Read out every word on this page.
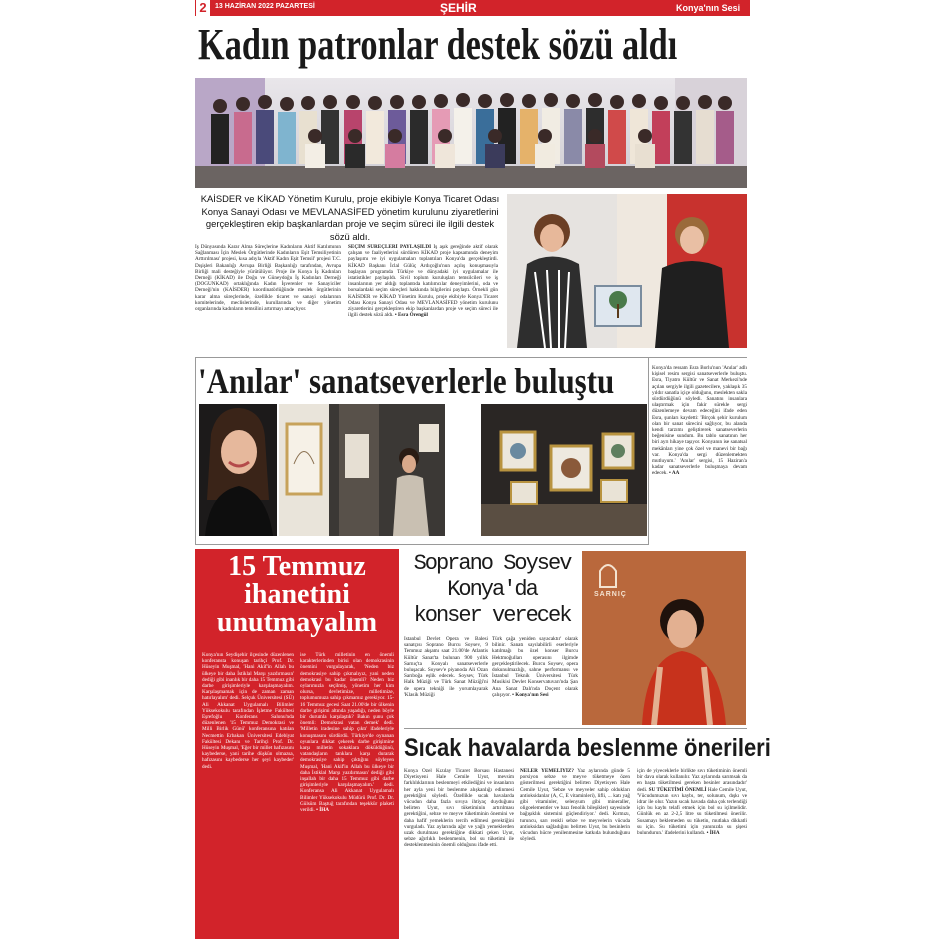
2	13 HAZİRAN 2022 PAZARTESİ	ŞEHİR	Konya'nın Sesi
Kadın patronlar destek sözü aldı
KAİSDER ve KİKAD Yönetim Kurulu, proje ekibiyle Konya Ticaret Odası Konya Sanayi Odası ve MEVLANASİFED yönetim kurulunu ziyaretlerini gerçekleştiren ekip başkanlardan proje ve seçim süreci ile ilgili destek sözü aldı.
İş Dünyasında Karar Alma Süreçlerine Kadınların Aktif Katılımının Sağlanması İçin Meslek Örgütlerinde Kadınların Eşit Temsiliyetinin Arttırılması' projesi, kısa adıyla 'Aktif Kadın Eşit Temsil' projesi T.C. Dışişleri Bakanlığı Avrupa Birliği Başkanlığı tarafından, Avrupa Birliği mali desteğiyle yürütülüyor. Proje ile Konya İş Kadınları Derneği (KİKAD) ile Doğu ve Güneydoğu İş Kadınları Derneği (DOGUNKAD) ortaklığında Kadın İşverenler ve Sanayiciler Derneği'nin (KAİSDER) koordinatörlüğünde meslek örgütlerinin karar alma süreçlerinde, özellikle ticaret ve sanayi odalarının komitelerinde, meclislerinde, kurullarında ve diğer yönetim organlarında kadınların temsilini artırmayı amaçlıyor.
SEÇİM SÜREÇLERİ PAYLAŞILDI İş aşık gereğinde aktif olarak çalışan ve faaliyetlerini sürdüren KİKAD proje kapsamında deneyim paylaşımı ve iyi uygulamaları toplantıları Konya'da gerçekleştirdi. KİKAD Başkanı İclal Gülüç Ardıçoğlu'nun açılış konuşmasıyla başlayan programda Türkiye ve dünyadaki iyi uygulamalar ile istatistikler paylaşıldı. Sivil toplum kuruluşları temsilcileri ve iş insanlarının yer aldığı toplantıda katılımcılar deneyimlerini, oda ve borsalardaki seçim süreçleri hakkında bilgilerini paylaştı. Örnekli gün KAİSDER ve KİKAD Yönetim Kurulu, proje ekibiyle Konya Ticaret Odası Konya Sanayi Odası ve MEVLANASİFED yönetim kurulunu ziyaretlerini gerçekleştiren ekip başkanlardan proje ve seçim süreci ile ilgili destek sözü aldı. • Esra Örengül
'Anılar' sanatseverlerle buluştu	Konya'da ressam Esra Borlu'nun 'Anılar' adlı kişisel resim sergisi sanatseverlerle buluştu. Esra, Tiyatro Kültür ve Sanat Merkezi'nde açılan sergiyle ilgili gazetecilere, yaklaşık 35 yıldır sanatla içiçe olduğunu, meslekten sakla sürdürdüğünü söyledi. Sanatını insanlara ulaştırmak için fakir sürekle sergi düzenlemeye devam edeceğini ifade eden Esra, şunları kaydetti: 'Birçok şehir kurulum olan bir sanat sürecini sağlıyor, bu alanda kendi tarzımı geliştirerek sanatseverlerin beğenisine sundum. Bu tablo sanatının her biri ayrı hikaye taşıyor. Konyanın ise sanatsal mekânları yine çok özel ve manevi bir bağı var. Konya'da sergi düzenlemekten mutluyum.' 'Anılar' sergisi, 15 Haziran'a kadar sanatseverlerle buluşmaya devam edecek. • AA
15 Temmuz ihanetini unutmayalım
Konya'nın Seydişehir ilçesinde düzenlenen konferansta konuşan tarihçi Prof. Dr. Hüseyin Muşmal, 'Hani Akif'in Allah bu ülkeye bir daha İstiklal Marşı yazdırmasın' dediği gibi inanlık bir daha 15 Temmuz gibi darbe girişimleriyle karşılaşmayalım. Karşılaşmamak için de zaman zaman hatırlayalım' dedi. Selçuk Üniversitesi (SÜ) Ali Akkanat Uygulamalı Bilimler Yüksekokulu tarafından İşletme Fakültesi Eşrefoğlu Konferans Salonu'nda düzenlenen '15 Temmuz Demokrasi ve Milli Birlik Günü' konferansına katılan Necmettin Erbakan Üniversitesi Edebiyat Fakültesi Dekanı ve Tarihçi Prof. Dr. Hüseyin Muşmal, 'Eğer bir millet hafızasını kaybederse, yani tarihe düşkün olmazsa, hafızasını kaybederse her şeyi kaybeder' dedi.
ise Türk milletinin en önemli karakterlerinden birisi olan demokrasinin önemini vurgulayarak, 'Neden biz demokrasiye sahip çıkmalıyız, yani neden demokrasi bu kadar önemli? Neden biz oylarımızla seçilmiş, yönetim her kim olursa, devletimize, milletimize, toplumumuza sahip çıkmamız gerekiyor. 15-16 Temmuz gecesi Saat 21.00'de bir ülkenin darbe girişimi altında yaşadığı, neden böyle bir durumla karşılaştık? Bakın şunu çok önemli: Demokrasi vatan demek' dedi. 'Milletin iradesine sahip çıktı' ifadeleriyle konuşmasını sürdürdü. Türkiye'de oynanan oyunlara dikkat çekerek darbe girişimine karşı milletin sokaklara döküldüğünü, vatandaşların tanklara karşı durarak demokrasiye sahip çıktığını söyleyen Muşmal, 'Hani Akif'in Allah bu ülkeye bir daha İstiklal Marşı yazdırmasın' dediği gibi inşallah bir daha 15 Temmuz gibi darbe girişimleriyle karşılaşmayalım.' dedi. Konferansa Ali Akkanat Uygulamalı Bilimler Yüksekokulu Müdürü Prof. Dr. Dr. Gülsüm Baştuğ tarafından teşekkür plaketi verildi. • İHA
Soprano Soysev
Konya'da
konser verecek
İstanbul Devlet Opera ve Balesi sanatçısı Soprano Burcu Soysev, 9 Temmuz akşamı saat 21.00'de Atlantis Kültür Sanat'ta bulunan 900 yıllık Sarnıç'ta Konyalı sanatseverlerle buluşacak. Soysev'e piyanoda Ali Ozan Sarıboğa eşlik edecek. Soysev, Türk Halk Müziği ve Türk Sanat Müziği'ni de opera tekniği ile yorumlayarak 'Klasik Müziği
Türk çağa yeniden sayacaktır' olarak bilinir. Sanatı sayılabilirli eserleriyle katılmağı bu özel konser Burcu Hektmoğulları operasını ilgimde gerçekleştirilecek. Burcu Soysev, opera dokunulmazlığı, sahne performansı ve İstanbul Teknik Üniversitesi Türk Musikisi Devlet Konservatuvarı'nda Şan Ana Sanat Dalı'nda Doçent olarak çalışıyor. • Konya'nın Sesi
SARNIÇ
Sıcak havalarda beslenme önerileri
Konya Özel Kızılay Ticaret Borsası Hastanesi Diyetisyeni Hale Cemile Uyut, mevsim farklılıklarının beslenmeyi etkilediğini ve insanların her ayla yeni bir beslenme alışkanlığı edinmesi gerektiğini söyledi. Özellikle sıcak havalarda vücudun daha fazla sıvıya ihtiyaç duyduğunu belirten Uyut, sıvı tüketiminin artırılması gerektiğini, sebze ve meyve tüketiminin önemini ve daha hafif yemeklerin tercih edilmesi gerektiğini vurguladı. Yaz aylarında ağır ve yağlı yemeklerden uzak durulması gerektiğine dikkati çeken Uyut, sebze ağırlıklı beslenmenin, bol su tüketimi ile desteklenmesinin önemli olduğunu ifade etti.
NELER YEMELİYİZ? Yaz aylarında günde 5 porsiyon sebze ve meyve tüketmeye özen gösterilmesi gerektiğini belirten Diyetisyen Hale Cemile Uyut, 'Sebze ve meyveler sahip oldukları antioksidanlar (A, C, E vitaminleri), lifli, ... katı yağ gibi vitaminler, selenyum gibi mineraller, oligoelementler ve bazı fenolik bileşikler) sayesinde bağışıklık sistemini güçlendiriyor.' dedi. Kırmızı, turuncu, sarı renkli sebze ve meyvelerin vücuda antioksidan sağladığını belirten Uyut, bu besinlerin vücudun hücre yenilenmesine katkıda bulunduğunu söyledi.
için de yiyeceklerle birlikte sıvı tüketiminin önemli bir dava olarak kullanılır. Yaz aylarında sarımsak da en başta tüketilmesi gereken besinler arasındadır' dedi. SU TÜKETİMİ ÖNEMLİ Hale Cemile Uyut, 'Vücudumuzun sıvı kaybı, ter, solunum, dışkı ve idrar ile olur. Yazın sıcak havada daha çok terlendiği için bu kaybı telafi etmek için bol su içilmelidir. Günlük en az 2-2,5 litre su tüketilmesi önerilir. Susamayı beklemeden su tüketin, mutlaka dikkatli su için. Su tüketimi için yanınızda su şişesi bulundurun.' ifadelerini kullandı. • İHA
